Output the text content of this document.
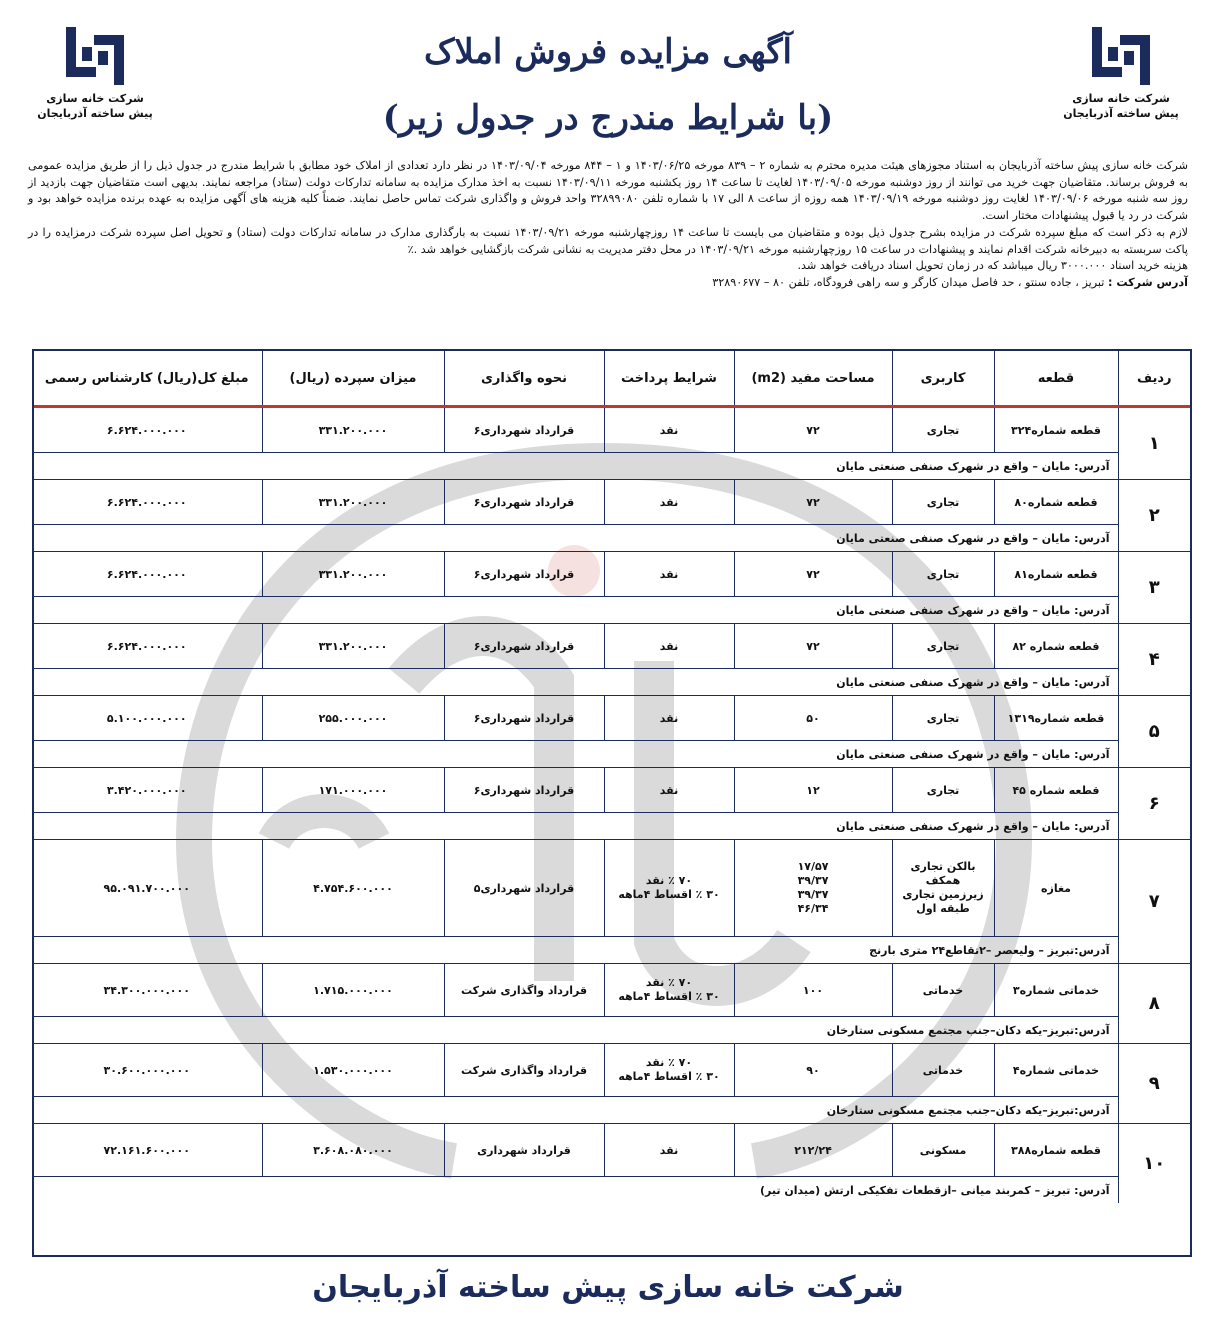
شرکت خانه سازی
پیش ساخته آذربایجان
شرکت خانه سازی
پیش ساخته آذربایجان
آگهی مزایده فروش املاک
(با شرایط مندرج در جدول زیر)

شرکت خانه سازی پیش ساخته آذربایجان به استناد مجوزهای هیئت مدیره محترم به شماره ۲ – ۸۳۹ مورخه ۱۴۰۳/۰۶/۲۵ و ۱ – ۸۴۴ مورخه ۱۴۰۳/۰۹/۰۴ در نظر دارد تعدادی از املاک خود مطابق با شرایط مندرج در جدول ذیل را از طریق مزایده عمومی به فروش برساند. متقاضیان جهت خرید می توانند از روز دوشنبه مورخه ۱۴۰۳/۰۹/۰۵ لغایت تا ساعت ۱۴ روز یکشنبه مورخه ۱۴۰۳/۰۹/۱۱ نسبت به اخذ مدارک مزایده به سامانه تدارکات دولت (ستاد) مراجعه نمایند. بدیهی است متقاضیان جهت بازدید از روز سه شنبه مورخه ۱۴۰۳/۰۹/۰۶ لغایت روز دوشنبه مورخه ۱۴۰۳/۰۹/۱۹ همه روزه از ساعت ۸ الی ۱۷ با شماره تلفن ۳۲۸۹۹۰۸۰ واحد فروش و واگذاری شرکت تماس حاصل نمایند. ضمناً کلیه هزینه های آگهی مزایده به عهده برنده مزایده خواهد بود و شرکت در رد یا قبول پیشنهادات مختار است.

لازم به ذکر است که مبلغ سپرده شرکت در مزایده بشرح جدول ذیل بوده و متقاضیان می بایست تا ساعت ۱۴ روزچهارشنبه مورخه ۱۴۰۳/۰۹/۲۱ نسبت به بارگذاری مدارک در سامانه تدارکات دولت (ستاد) و تحویل اصل سپرده شرکت درمزایده را در پاکت سربسته به دبیرخانه شرکت اقدام نمایند و پیشنهادات در ساعت ۱۵ روزچهارشنبه مورخه ۱۴۰۳/۰۹/۲۱ در محل دفتر مدیریت به نشانی شرکت بازگشایی خواهد شد .٪

هزینه خرید اسناد ۳۰۰۰.۰۰۰ ریال میباشد که در زمان تحویل اسناد دریافت خواهد شد.

آدرس شرکت : تبریز ، جاده سنتو ، حد فاصل میدان کارگر و سه راهی فرودگاه، تلفن ۸۰ – ۳۲۸۹۰۶۷۷

ردیف	قطعه	کاربری	مساحت مفید (m2)	شرایط پرداخت	نحوه واگذاری	میزان سپرده (ریال)	مبلغ کل(ریال) کارشناس رسمی
۱	قطعه شماره۳۲۴	تجاری	۷۲	نقد	قرارداد شهرداری۶	۳۳۱.۲۰۰.۰۰۰	۶.۶۲۴.۰۰۰.۰۰۰
	آدرس: مایان – واقع در شهرک صنفی صنعتی مایان						
۲	قطعه شماره۸۰	تجاری	۷۲	نقد	قرارداد شهرداری۶	۳۳۱.۲۰۰.۰۰۰	۶.۶۲۴.۰۰۰.۰۰۰
	آدرس: مایان – واقع در شهرک صنفی صنعتی مایان						
۳	قطعه شماره۸۱	تجاری	۷۲	نقد	قرارداد شهرداری۶	۳۳۱.۲۰۰.۰۰۰	۶.۶۲۴.۰۰۰.۰۰۰
	آدرس: مایان – واقع در شهرک صنفی صنعتی مایان						
۴	قطعه شماره ۸۲	تجاری	۷۲	نقد	قرارداد شهرداری۶	۳۳۱.۲۰۰.۰۰۰	۶.۶۲۴.۰۰۰.۰۰۰
	آدرس: مایان – واقع در شهرک صنفی صنعتی مایان						
۵	قطعه شماره۱۳۱۹	تجاری	۵۰	نقد	قرارداد شهرداری۶	۲۵۵.۰۰۰.۰۰۰	۵.۱۰۰.۰۰۰.۰۰۰
	آدرس: مایان – واقع در شهرک صنفی صنعتی مایان						
۶	قطعه شماره ۴۵	تجاری	۱۲	نقد	قرارداد شهرداری۶	۱۷۱.۰۰۰.۰۰۰	۳.۴۲۰.۰۰۰.۰۰۰
	آدرس: مایان – واقع در شهرک صنفی صنعتی مایان						
۷	مغازه	بالکن تجاری
همکف
زیرزمین تجاری
طبقه اول	۱۷/۵۷
۳۹/۳۷
۳۹/۳۷
۴۶/۳۴	۷۰ ٪ نقد
۳۰ ٪ اقساط ۴ماهه	قرارداد شهرداری۵	۴.۷۵۴.۶۰۰.۰۰۰	۹۵.۰۹۱.۷۰۰.۰۰۰
	آدرس:تبریز – ولیعصر –۲تقاطع۲۴ متری بارنج						
۸	خدماتی شماره۳	خدماتی	۱۰۰	۷۰ ٪ نقد
۳۰ ٪ اقساط ۴ماهه	قرارداد واگذاری شرکت	۱.۷۱۵.۰۰۰.۰۰۰	۳۴.۳۰۰.۰۰۰.۰۰۰
	آدرس:تبریز–یکه دکان–جنب مجتمع مسکونی ستارخان						
۹	خدماتی شماره۴	خدماتی	۹۰	۷۰ ٪ نقد
۳۰ ٪ اقساط ۴ماهه	قرارداد واگذاری شرکت	۱.۵۳۰.۰۰۰.۰۰۰	۳۰.۶۰۰.۰۰۰.۰۰۰
	آدرس:تبریز–یکه دکان–جنب مجتمع مسکونی ستارخان						
۱۰	قطعه شماره۳۸۸	مسکونی	۲۱۲/۲۴	نقد	قرارداد شهرداری	۳.۶۰۸.۰۸۰.۰۰۰	۷۲.۱۶۱.۶۰۰.۰۰۰
	آدرس: تبریز – کمربند میانی –ازقطعات تفکیکی ارتش (میدان تیر)						
شرکت خانه سازی پیش ساخته آذربایجان
